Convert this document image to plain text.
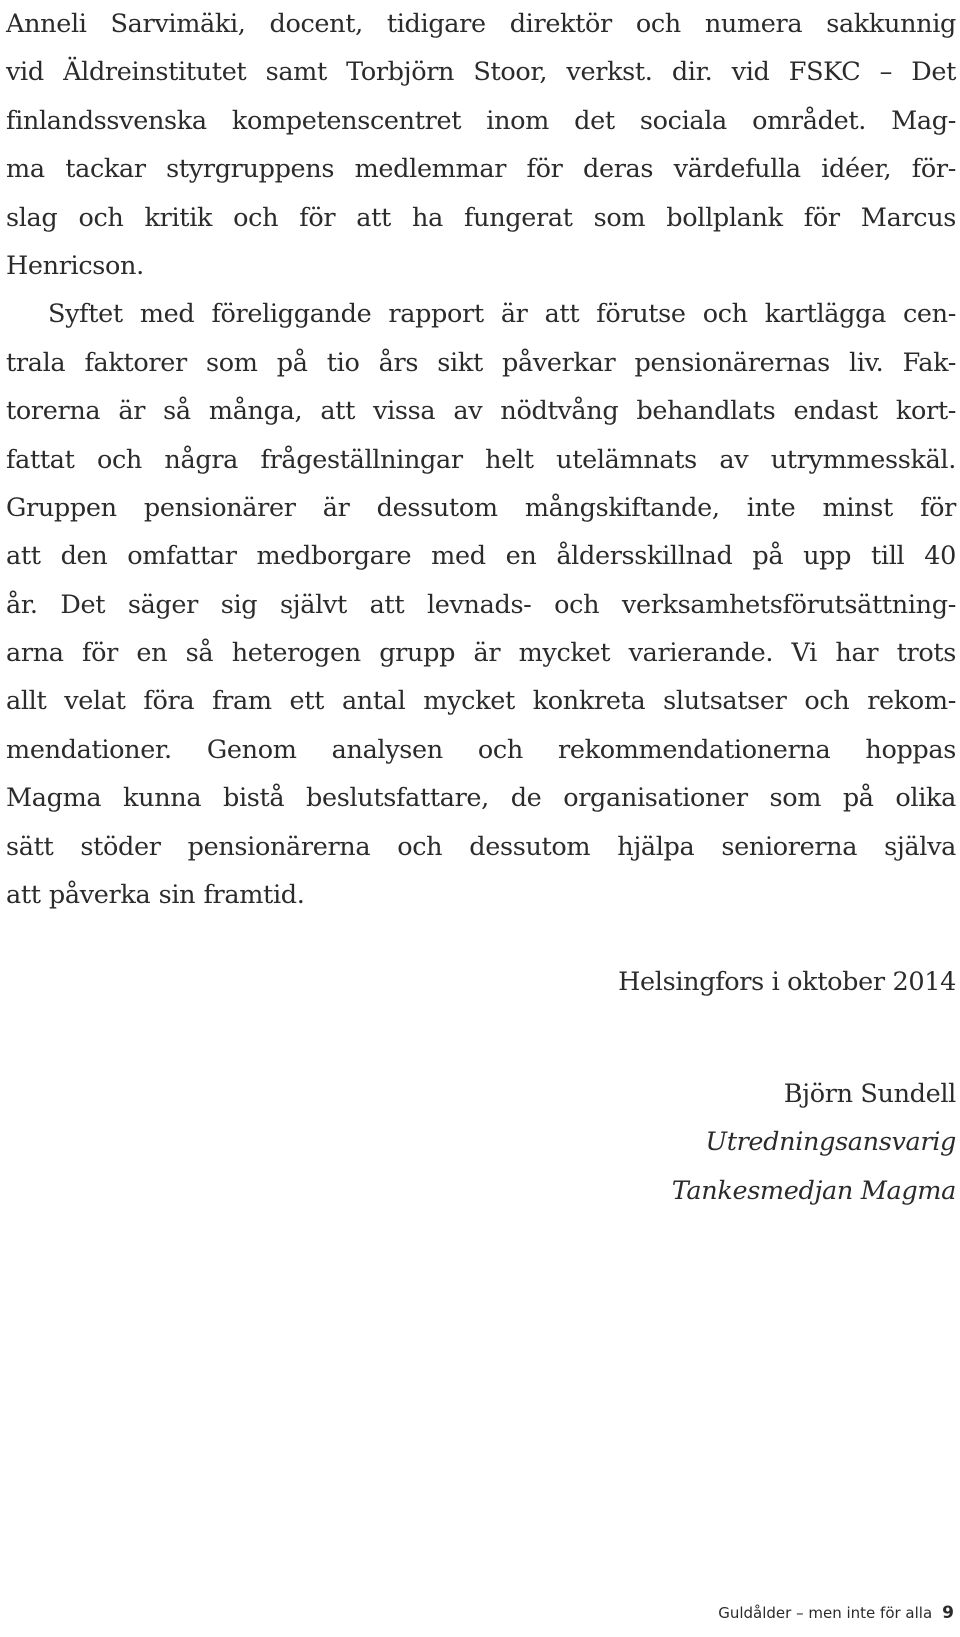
Anneli Sarvimäki, docent, tidigare direktör och numera sakkunnig
vid Äldreinstitutet samt Torbjörn Stoor, verkst. dir. vid FSKC – Det
finlandssvenska kompetenscentret inom det sociala området. Mag-
ma tackar styrgruppens medlemmar för deras värdefulla idéer, för-
slag och kritik och för att ha fungerat som bollplank för Marcus
Henricson.
Syftet med föreliggande rapport är att förutse och kartlägga cen-
trala faktorer som på tio års sikt påverkar pensionärernas liv. Fak-
torerna är så många, att vissa av nödtvång behandlats endast kort-
fattat och några frågeställningar helt utelämnats av utrymmesskäl.
Gruppen pensionärer är dessutom mångskiftande, inte minst för
att den omfattar medborgare med en åldersskillnad på upp till 40
år. Det säger sig självt att levnads- och verksamhetsförutsättning-
arna för en så heterogen grupp är mycket varierande. Vi har trots
allt velat föra fram ett antal mycket konkreta slutsatser och rekom-
mendationer. Genom analysen och rekommendationerna hoppas
Magma kunna bistå beslutsfattare, de organisationer som på olika
sätt stöder pensionärerna och dessutom hjälpa seniorerna själva
att påverka sin framtid.
Helsingfors i oktober 2014
Björn Sundell
Utredningsansvarig
Tankesmedjan Magma
Guldålder – men inte för alla 9
